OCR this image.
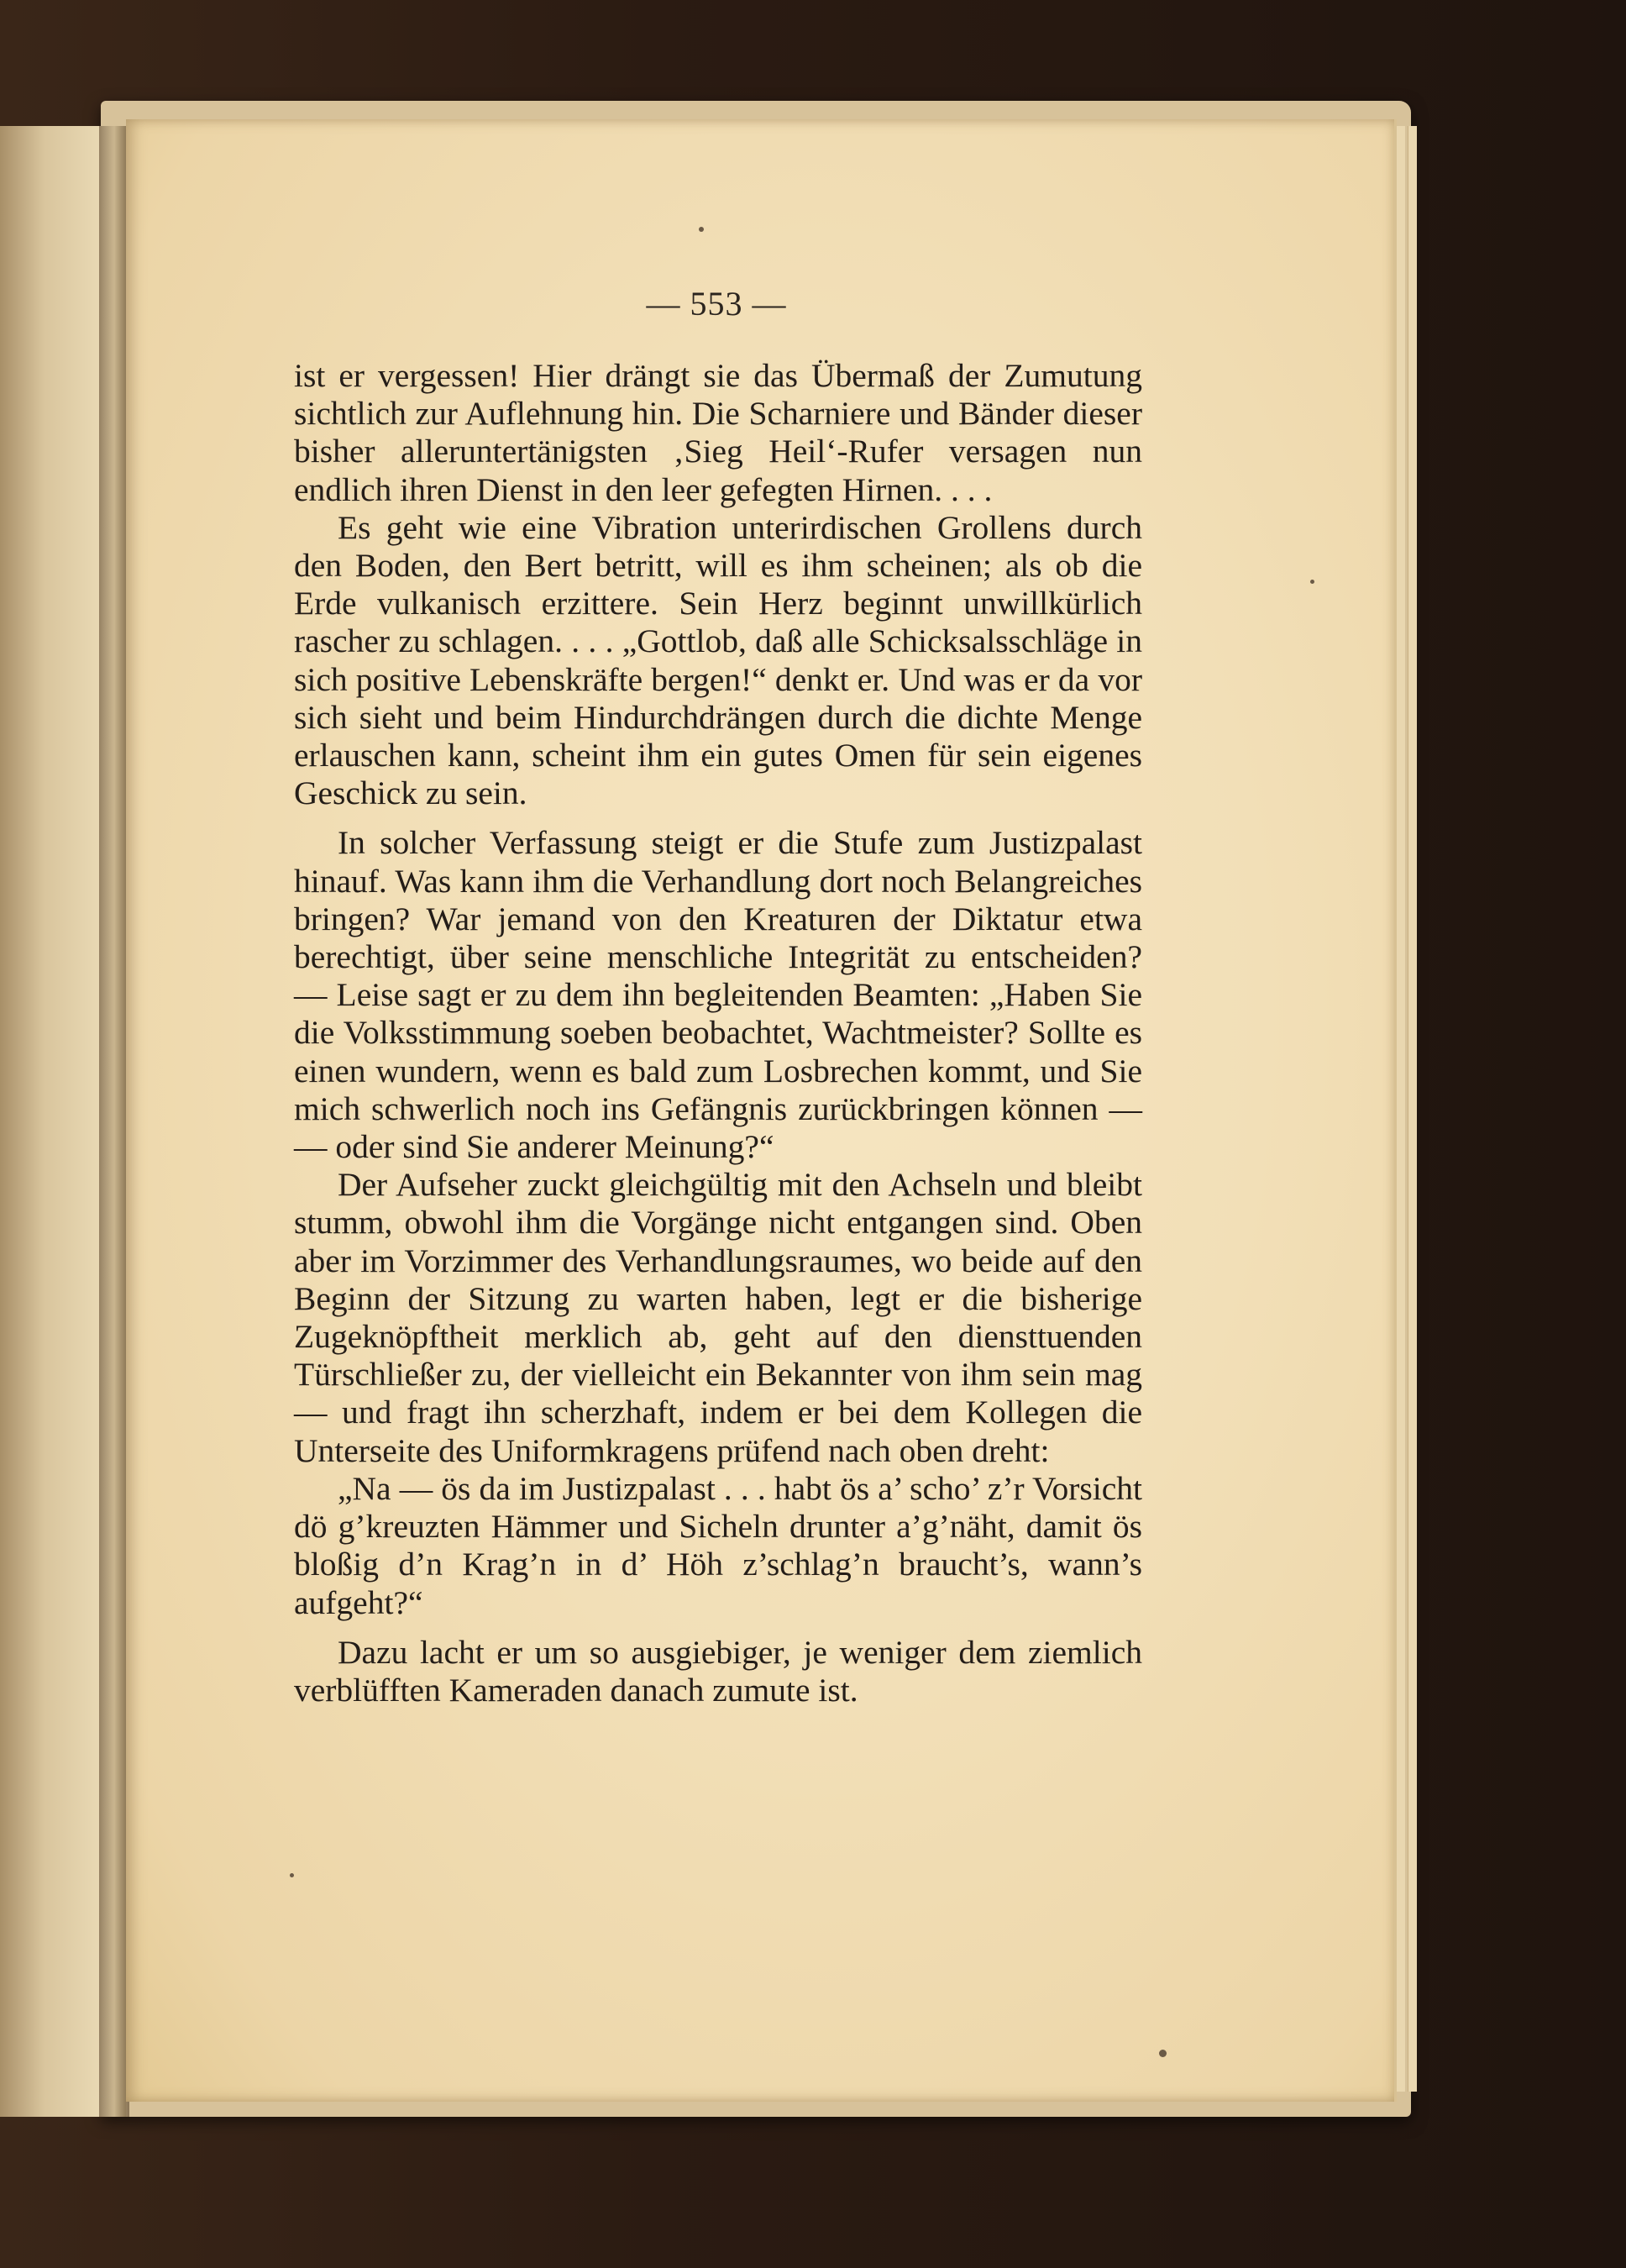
— 553 —

ist er vergessen! Hier drängt sie das Übermaß der Zumutung sichtlich zur Auflehnung hin. Die Scharniere und Bänder dieser bisher alleruntertänigsten ‚Sieg Heil‘-Rufer versagen nun endlich ihren Dienst in den leer gefegten Hirnen. . . .

Es geht wie eine Vibration unterirdischen Grollens durch den Boden, den Bert betritt, will es ihm scheinen; als ob die Erde vulkanisch erzittere. Sein Herz beginnt unwillkürlich rascher zu schlagen. . . . „Gottlob, daß alle Schicksalsschläge in sich positive Lebenskräfte bergen!“ denkt er. Und was er da vor sich sieht und beim Hindurchdrängen durch die dichte Menge erlauschen kann, scheint ihm ein gutes Omen für sein eigenes Geschick zu sein.

In solcher Verfassung steigt er die Stufe zum Justizpalast hinauf. Was kann ihm die Verhandlung dort noch Belangreiches bringen? War jemand von den Kreaturen der Diktatur etwa berechtigt, über seine menschliche Integrität zu entscheiden? — Leise sagt er zu dem ihn begleitenden Beamten: „Haben Sie die Volksstimmung soeben beobachtet, Wachtmeister? Sollte es einen wundern, wenn es bald zum Losbrechen kommt, und Sie mich schwerlich noch ins Gefängnis zurückbringen können — — oder sind Sie anderer Meinung?“

Der Aufseher zuckt gleichgültig mit den Achseln und bleibt stumm, obwohl ihm die Vorgänge nicht entgangen sind. Oben aber im Vorzimmer des Verhandlungsraumes, wo beide auf den Beginn der Sitzung zu warten haben, legt er die bisherige Zugeknöpftheit merklich ab, geht auf den diensttuenden Türschließer zu, der vielleicht ein Bekannter von ihm sein mag — und fragt ihn scherzhaft, indem er bei dem Kollegen die Unterseite des Uniformkragens prüfend nach oben dreht:

„Na — ös da im Justizpalast . . . habt ös a’ scho’ z’r Vorsicht dö g’kreuzten Hämmer und Sicheln drunter a’g’näht, damit ös bloßig d’n Krag’n in d’ Höh z’schlag’n braucht’s, wann’s aufgeht?“

Dazu lacht er um so ausgiebiger, je weniger dem ziemlich verblüfften Kameraden danach zumute ist.
